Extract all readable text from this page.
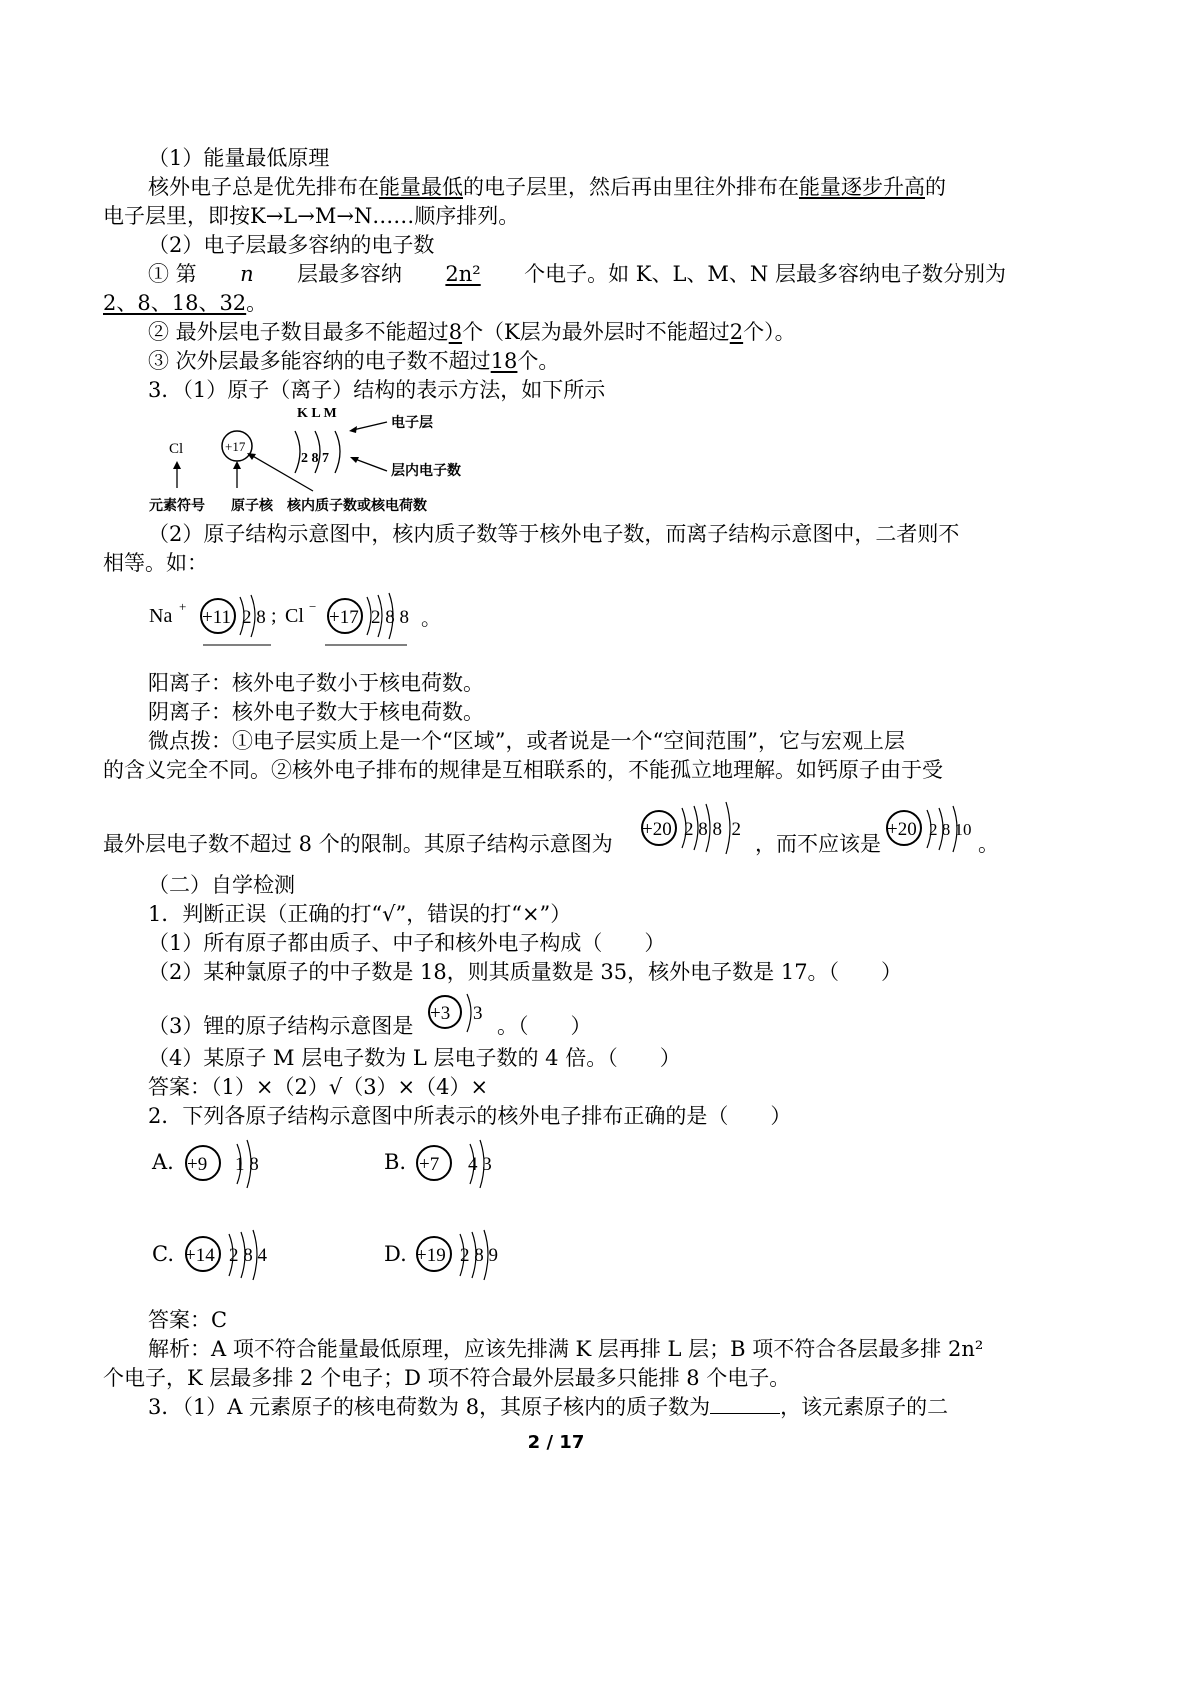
（1）能量最低原理
核外电子总是优先排布在能量最低的电子层里，然后再由里往外排布在能量逐步升高的
电子层里，即按K→L→M→N……顺序排列。
（2）电子层最多容纳的电子数
① 第 n 层最多容纳 2n² 个电子。如 K、L、M、N 层最多容纳电子数分别为
2、8、18、32。
② 最外层电子数目最多不能超过8个（K层为最外层时不能超过2个）。
③ 次外层最多能容纳的电子数不超过18个。
3．（1）原子（离子）结构的表示方法，如下所示
K L M
电子层
Cl	+17
2 8 7
层内电子数
元素符号 原子核 核内质子数或核电荷数
（2）原子结构示意图中，核内质子数等于核外电子数，而离子结构示意图中，二者则不
相等。如：
Na +
+11 2 8 ; Cl −
+17 2 8 8 。
阳离子：核外电子数小于核电荷数。
阴离子：核外电子数大于核电荷数。
微点拨：①电子层实质上是一个“区域”，或者说是一个“空间范围”，它与宏观上层
的含义完全不同。②核外电子排布的规律是互相联系的，不能孤立地理解。如钙原子由于受
最外层电子数不超过 8 个的限制。其原子结构示意图为
+20 2 8 8  2
，而不应该是
+20 2 8 10
。
（二）自学检测
1．判断正误（正确的打“√”，错误的打“×”）
（1）所有原子都由质子、中子和核外电子构成（　　）
（2）某种氯原子的中子数是 18，则其质量数是 35，核外电子数是 17。（　　）
（3）锂的原子结构示意图是
+3 3
。（　　）
（4）某原子 M 层电子数为 L 层电子数的 4 倍。（　　）
答案：（1）×（2）√（3）×（4）×
2．下列各原子结构示意图中所表示的核外电子排布正确的是（　　）
A. +9 1 8	B. +7 4 3
C. +14 2 8 4	D. +19 2 8 9
答案：C
解析：A 项不符合能量最低原理，应该先排满 K 层再排 L 层；B 项不符合各层最多排 2n²
个电子，K 层最多排 2 个电子；D 项不符合最外层最多只能排 8 个电子。
3．（1）A 元素原子的核电荷数为 8，其原子核内的质子数为	，该元素原子的二
2 / 17
